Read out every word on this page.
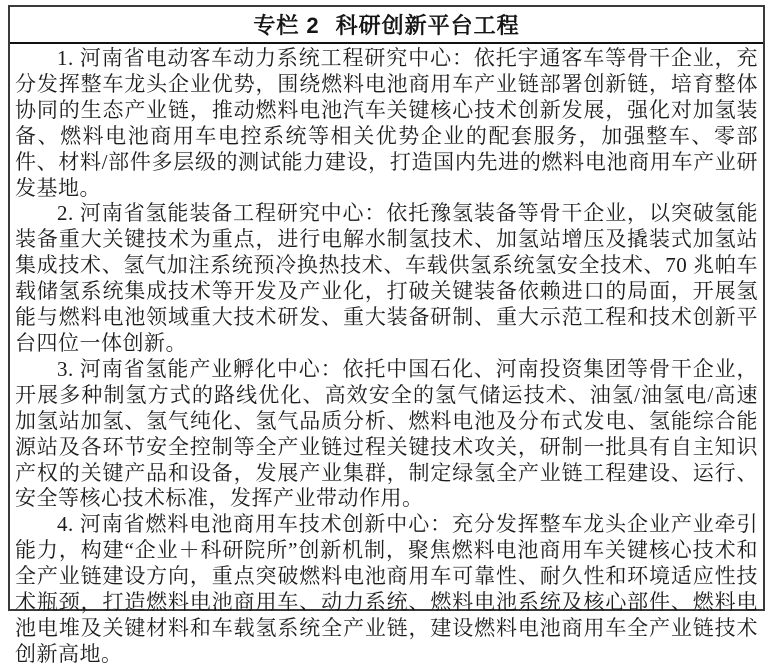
专栏 2 科研创新平台工程

1. 河南省电动客车动力系统工程研究中心：依托宇通客车等骨干企业，充分发挥整车龙头企业优势，围绕燃料电池商用车产业链部署创新链，培育整体协同的生态产业链，推动燃料电池汽车关键核心技术创新发展，强化对加氢装备、燃料电池商用车电控系统等相关优势企业的配套服务，加强整车、零部件、材料/部件多层级的测试能力建设，打造国内先进的燃料电池商用车产业研发基地。

2. 河南省氢能装备工程研究中心：依托豫氢装备等骨干企业，以突破氢能装备重大关键技术为重点，进行电解水制氢技术、加氢站增压及撬装式加氢站集成技术、氢气加注系统预冷换热技术、车载供氢系统氢安全技术、70 兆帕车载储氢系统集成技术等开发及产业化，打破关键装备依赖进口的局面，开展氢能与燃料电池领域重大技术研发、重大装备研制、重大示范工程和技术创新平台四位一体创新。

3. 河南省氢能产业孵化中心：依托中国石化、河南投资集团等骨干企业，开展多种制氢方式的路线优化、高效安全的氢气储运技术、油氢/油氢电/高速加氢站加氢、氢气纯化、氢气品质分析、燃料电池及分布式发电、氢能综合能源站及各环节安全控制等全产业链过程关键技术攻关，研制一批具有自主知识产权的关键产品和设备，发展产业集群，制定绿氢全产业链工程建设、运行、安全等核心技术标准，发挥产业带动作用。

4. 河南省燃料电池商用车技术创新中心：充分发挥整车龙头企业产业牵引能力，构建“企业＋科研院所”创新机制，聚焦燃料电池商用车关键核心技术和全产业链建设方向，重点突破燃料电池商用车可靠性、耐久性和环境适应性技术瓶颈，打造燃料电池商用车、动力系统、燃料电池系统及核心部件、燃料电池电堆及关键材料和车载氢系统全产业链，建设燃料电池商用车全产业链技术创新高地。
